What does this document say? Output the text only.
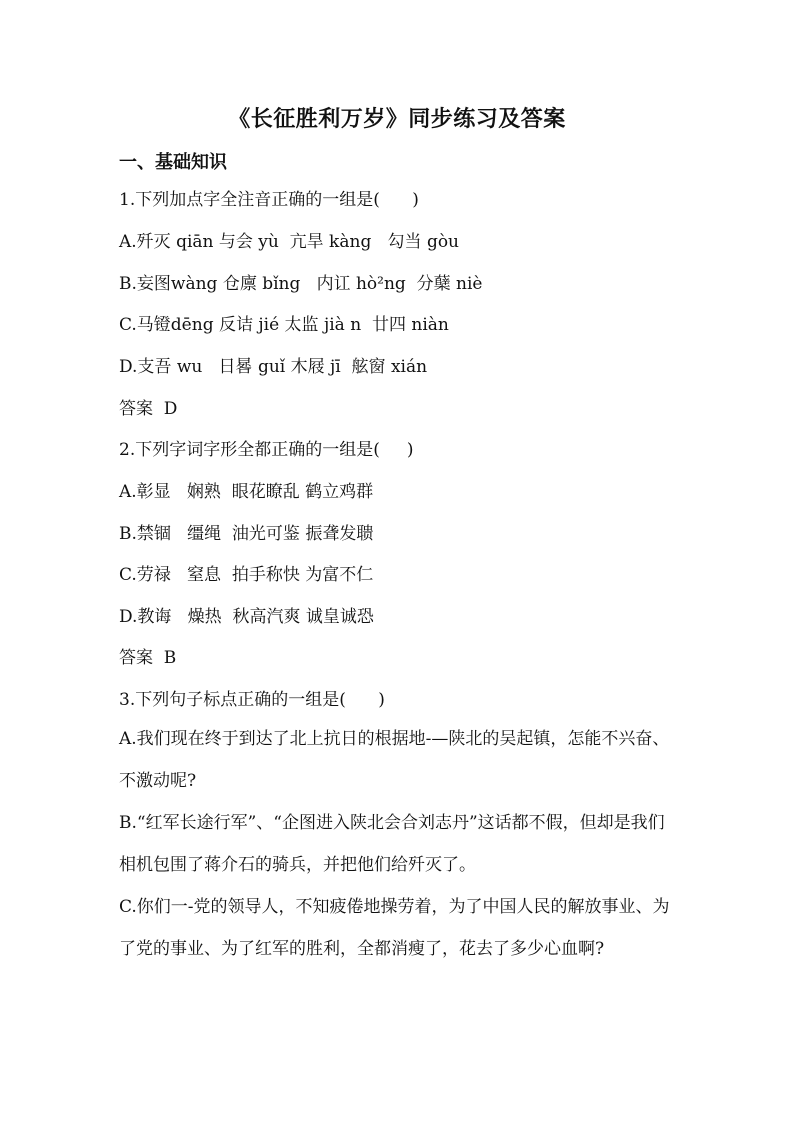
《长征胜利万岁》同步练习及答案
一、基础知识
1.下列加点字全注音正确的一组是(      )
A.歼灭 qiān 与会 yù  亢旱 kàng   勾当 gòu
B.妄图wàng 仓廪 bǐng   内讧 hò²ng  分蘖 niè
C.马镫dēng 反诘 jié 太监 jià n  廿四 niàn
D.支吾 wu   日晷 guǐ 木屐 jī  舷窗 xián
答案  D
2.下列字词字形全都正确的一组是(     )
A.彰显   娴熟  眼花瞭乱 鹤立鸡群
B.禁锢   缰绳  油光可鉴 振聋发聩
C.劳禄   窒息  拍手称快 为富不仁
D.教诲   燥热  秋高汽爽 诚皇诚恐
答案  B
3.下列句子标点正确的一组是(      )
A.我们现在终于到达了北上抗日的根据地-—陕北的吴起镇，怎能不兴奋、不激动呢?
B.“红军长途行军”、“企图进入陕北会合刘志丹”这话都不假，但却是我们相机包围了蒋介石的骑兵，并把他们给歼灭了。
C.你们一-党的领导人，不知疲倦地操劳着，为了中国人民的解放事业、为了党的事业、为了红军的胜利，全都消瘦了，花去了多少心血啊?
